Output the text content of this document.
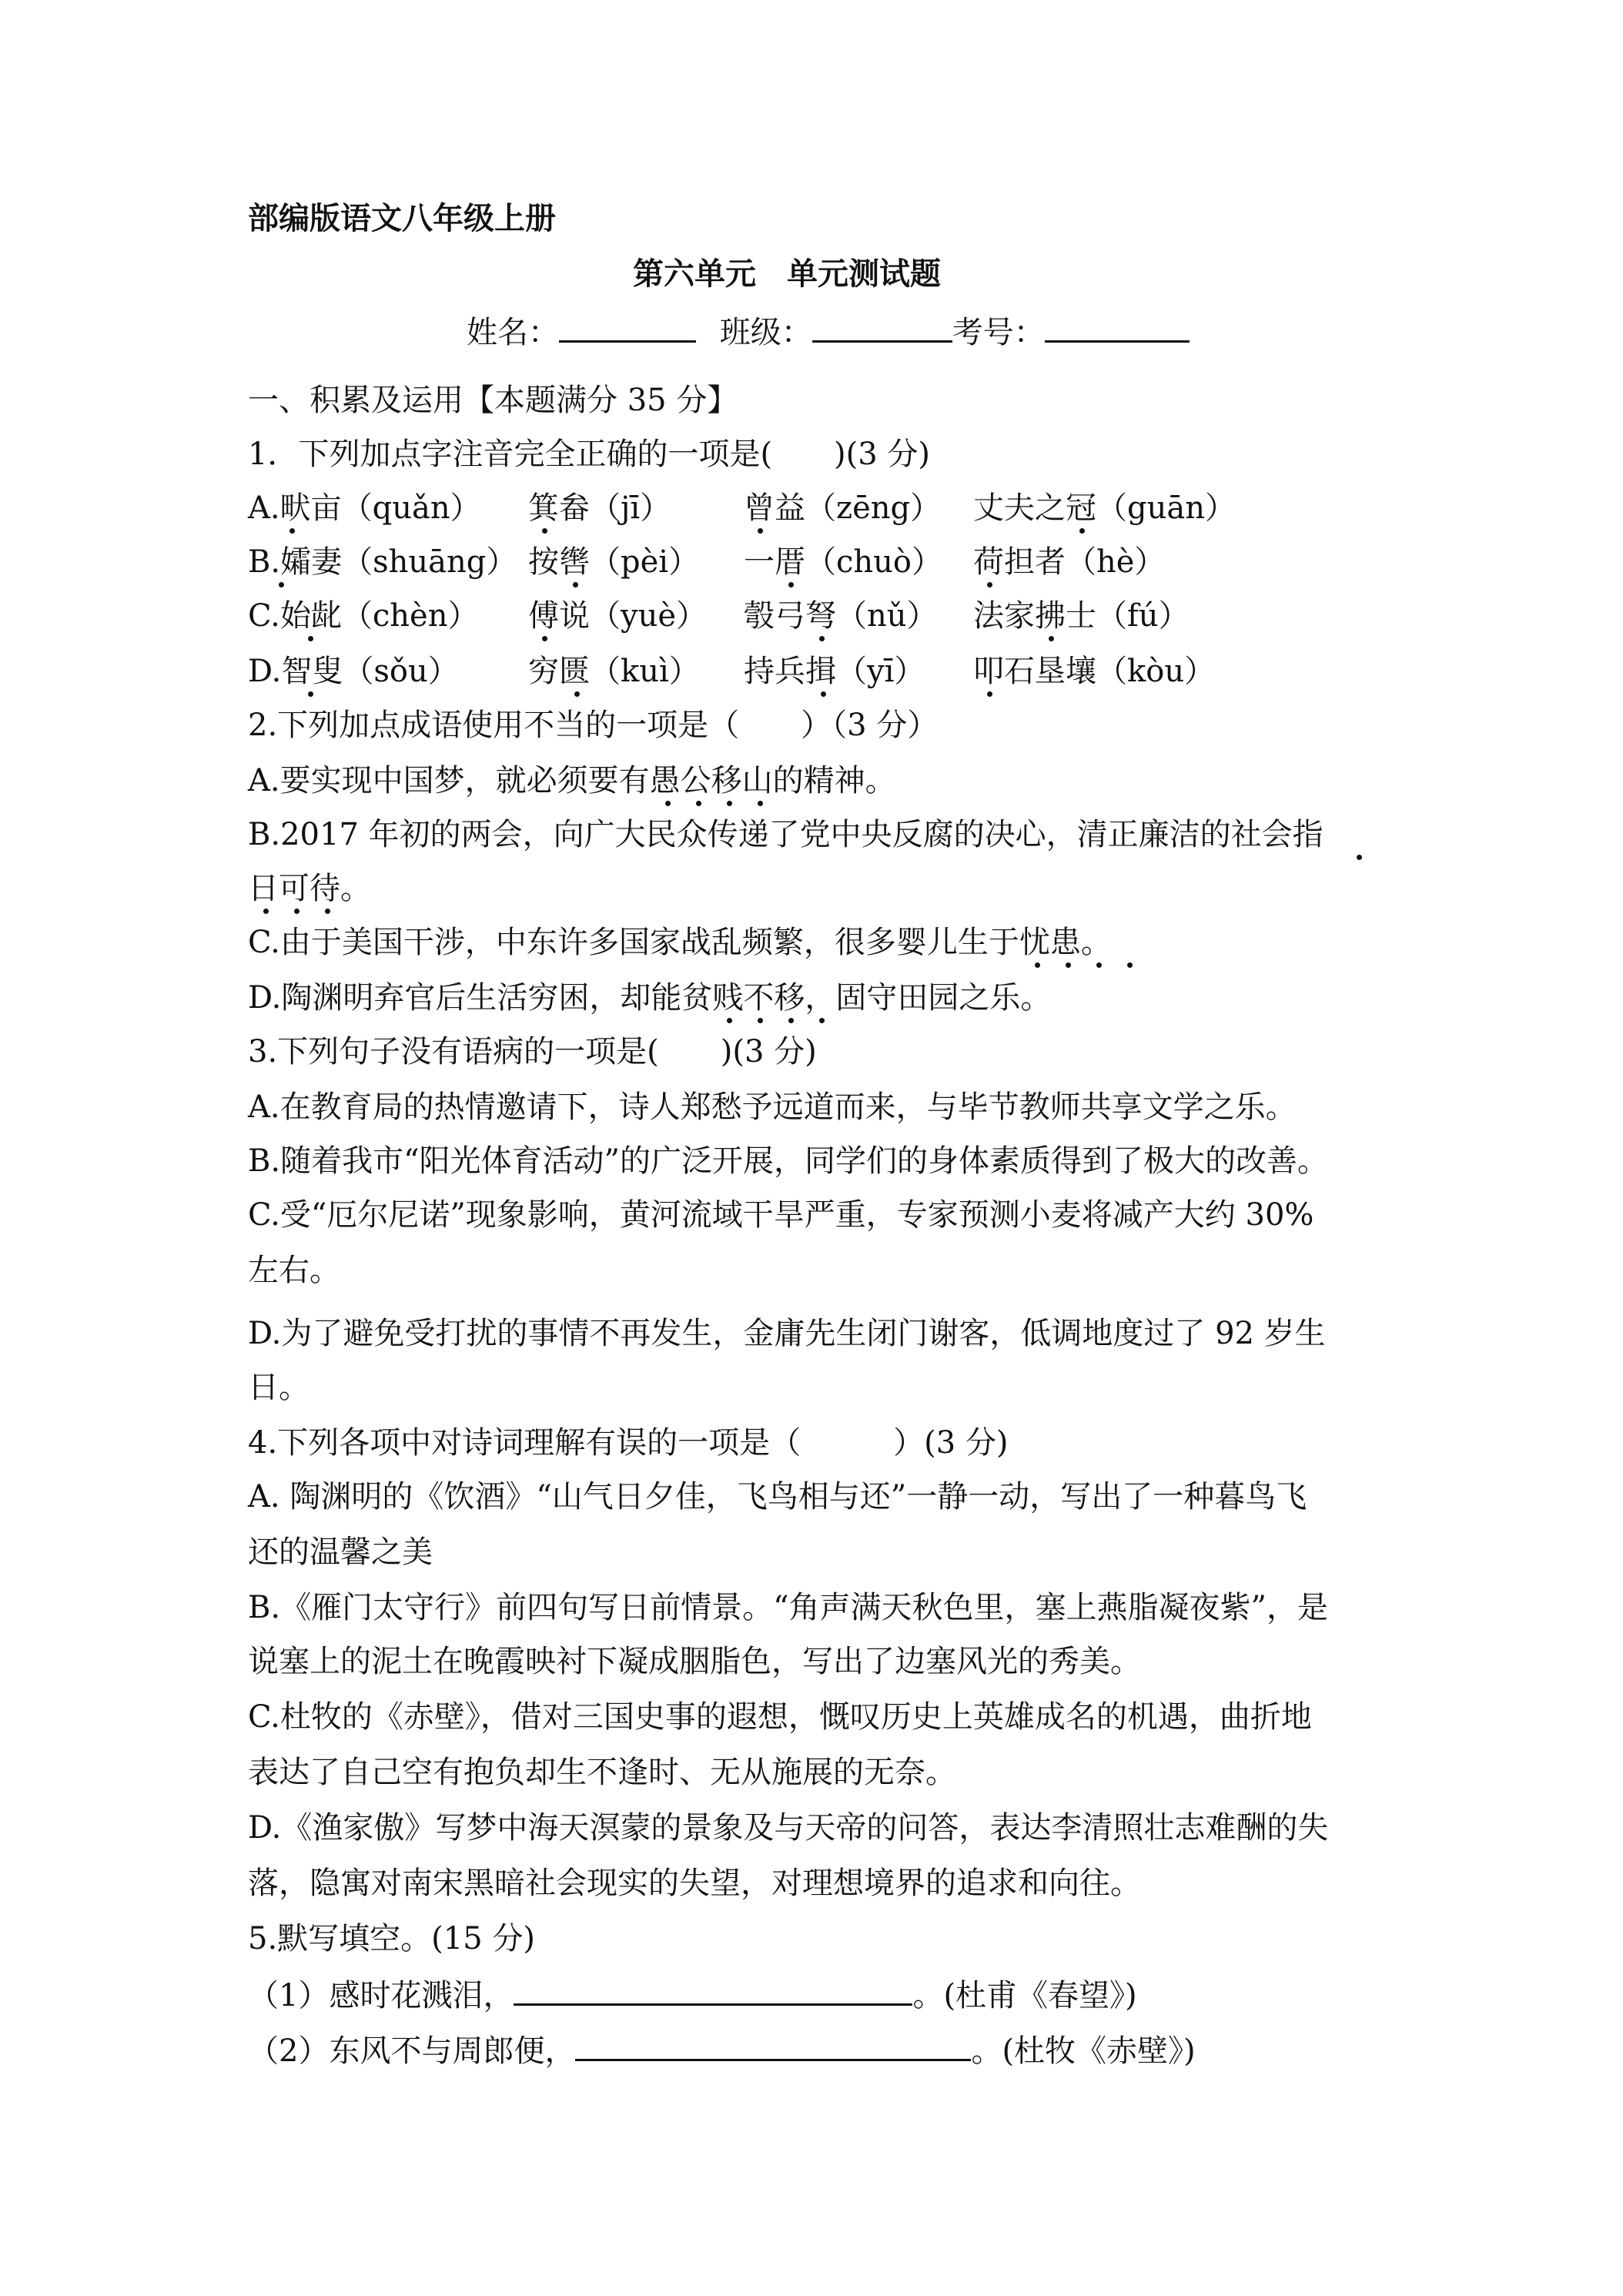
部编版语文八年级上册
第六单元　单元测试题
姓名：	班级：	考号：
一、积累及运用【本题满分 35 分】
1．下列加点字注音完全正确的一项是(　　)(3 分)
A.畎亩（quǎn） 箕畚（jī） 曾益（zēng） 丈夫之冠（guān）
B.孀妻（shuāng） 按辔（pèi） 一厝（chuò） 荷担者（hè）
C.始龀（chèn） 傅说（yuè） 彀弓弩（nǔ） 法家拂士（fú）
D.智叟（sǒu） 穷匮（kuì） 持兵揖（yī） 叩石垦壤（kòu）
2.下列加点成语使用不当的一项是（　　）（3 分）
A.要实现中国梦，就必须要有愚公移山的精神。
B.2017 年初的两会，向广大民众传递了党中央反腐的决心，清正廉洁的社会指
日可待。
C.由于美国干涉，中东许多国家战乱频繁，很多婴儿生于忧患。
D.陶渊明弃官后生活穷困，却能贫贱不移，固守田园之乐。
3.下列句子没有语病的一项是(　　)(3 分)
A.在教育局的热情邀请下，诗人郑愁予远道而来，与毕节教师共享文学之乐。
B.随着我市“阳光体育活动”的广泛开展，同学们的身体素质得到了极大的改善。
C.受“厄尔尼诺”现象影响，黄河流域干旱严重，专家预测小麦将减产大约 30%
左右。
D.为了避免受打扰的事情不再发生，金庸先生闭门谢客，低调地度过了 92 岁生
日。
4.下列各项中对诗词理解有误的一项是（　　　）(3 分)
A. 陶渊明的《饮酒》“山气日夕佳，飞鸟相与还”一静一动，写出了一种暮鸟飞
还的温馨之美
B.《雁门太守行》前四句写日前情景。“角声满天秋色里，塞上燕脂凝夜紫”，是
说塞上的泥土在晚霞映衬下凝成胭脂色，写出了边塞风光的秀美。
C.杜牧的《赤壁》，借对三国史事的遐想，慨叹历史上英雄成名的机遇，曲折地
表达了自己空有抱负却生不逢时、无从施展的无奈。
D.《渔家傲》写梦中海天溟蒙的景象及与天帝的问答，表达李清照壮志难酬的失
落，隐寓对南宋黑暗社会现实的失望，对理想境界的追求和向往。
5.默写填空。(15 分)
（1）感时花溅泪，	。(杜甫《春望》)
（2）东风不与周郎便，	。(杜牧《赤壁》)
